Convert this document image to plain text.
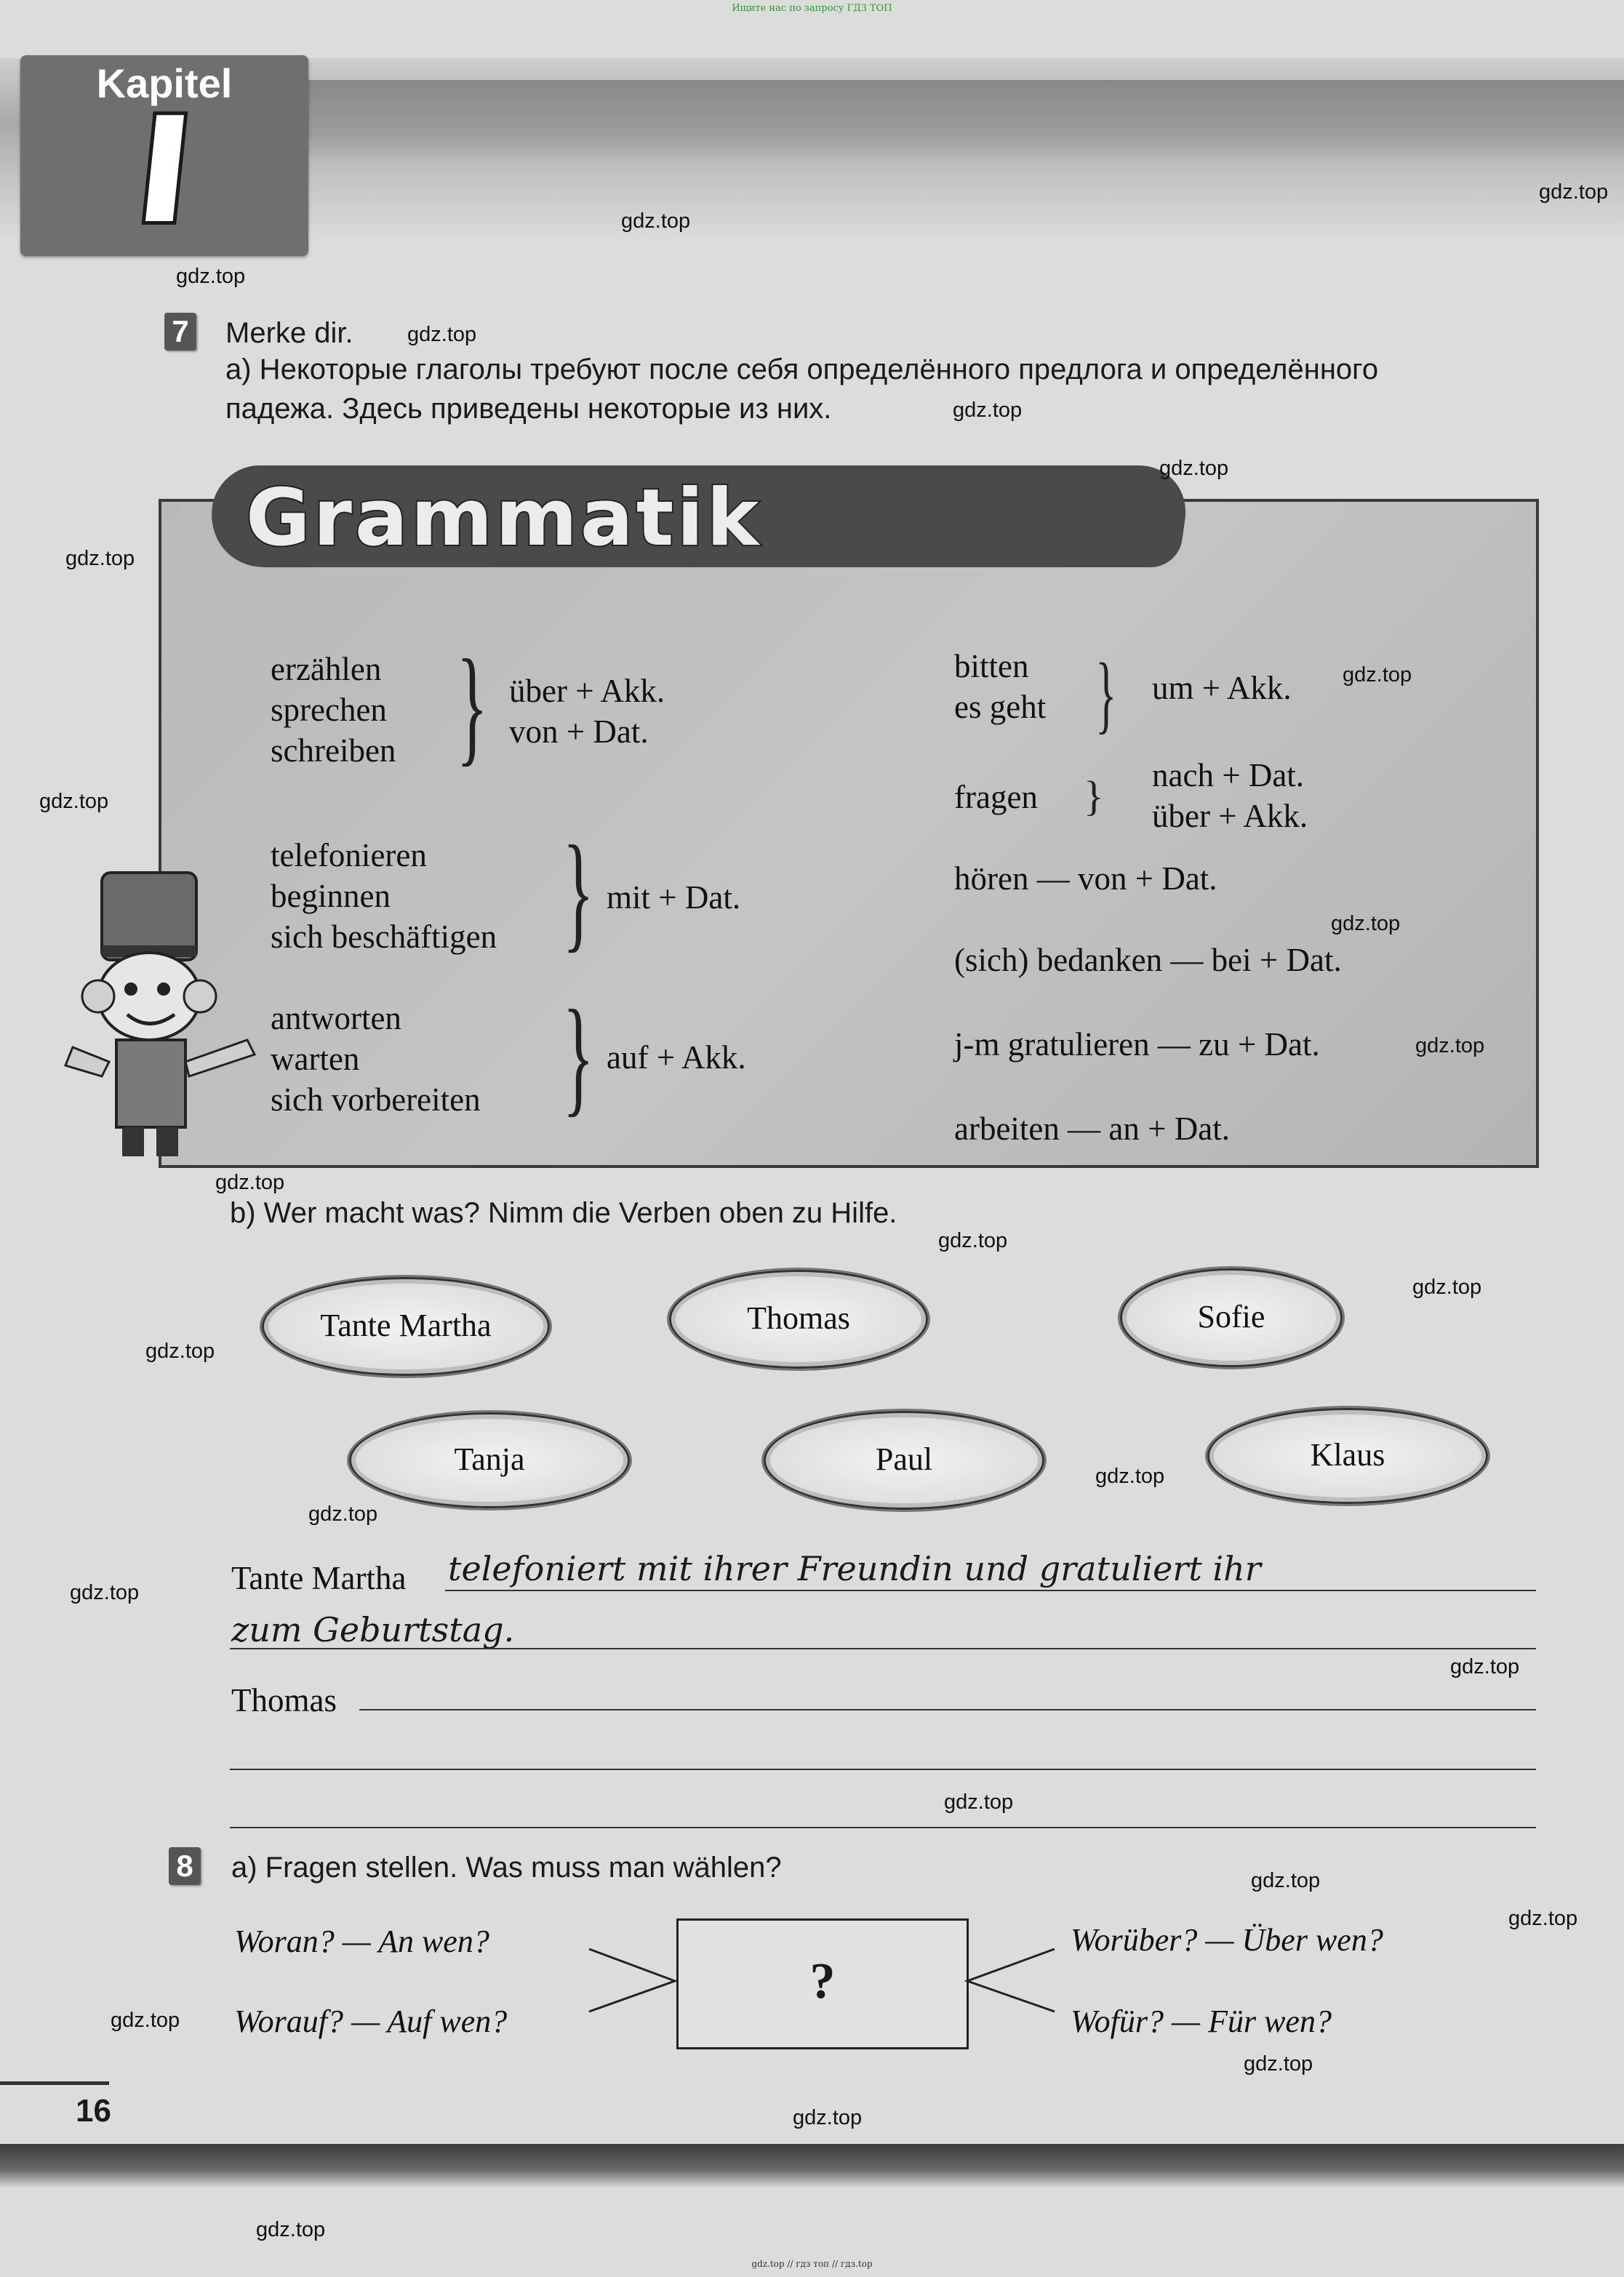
Ищите нас по запросу ГДЗ ТОП
gdz.top // гдз топ // гдз.top
Kapitel
I
7 Merke dir.
a) Некоторые глаголы требуют после себя определённого предлога и определённого
падежа. Здесь приведены некоторые из них.
Grammatik
erzählen
sprechen
schreiben } über + Akk.
von + Dat.
telefonieren
beginnen
sich beschäftigen } mit + Dat.
antworten
warten
sich vorbereiten } auf + Akk.
bitten
es geht } um + Akk.
fragen } nach + Dat.
über + Akk.
hören — von + Dat.
(sich) bedanken — bei + Dat.
j-m gratulieren — zu + Dat.
arbeiten — an + Dat.
b) Wer macht was? Nimm die Verben oben zu Hilfe.
Tante Martha	Thomas	Sofie
Tanja	Paul	Klaus
Tante Martha telefoniert mit ihrer Freundin und gratuliert ihr
zum Geburtstag.
Thomas
8 a) Fragen stellen. Was muss man wählen?
Woran? — An wen?
Worauf? — Auf wen?
Worüber? — Über wen?
Wofür? — Für wen?
?
16
gdz.top
gdz.top
gdz.top
gdz.top
gdz.top
gdz.top
gdz.top
gdz.top
gdz.top
gdz.top
gdz.top
gdz.top
gdz.top
gdz.top
gdz.top
gdz.top
gdz.top
gdz.top
gdz.top
gdz.top
gdz.top
gdz.top
gdz.top
gdz.top
gdz.top
gdz.top
